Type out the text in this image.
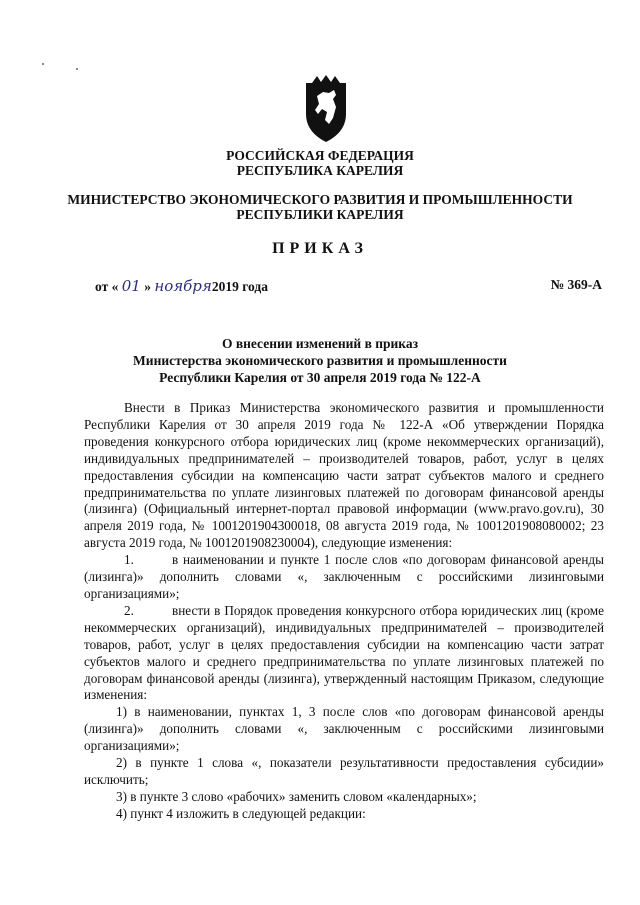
РОССИЙСКАЯ ФЕДЕРАЦИЯ
РЕСПУБЛИКА КАРЕЛИЯ
МИНИСТЕРСТВО ЭКОНОМИЧЕСКОГО РАЗВИТИЯ И ПРОМЫШЛЕННОСТИ
РЕСПУБЛИКИ КАРЕЛИЯ
ПРИКАЗ
от « 01 » ноября2019 года	№ 369-А
О внесении изменений в приказ
Министерства экономического развития и промышленности
Республики Карелия от 30 апреля 2019 года № 122-А

Внести в Приказ Министерства экономического развития и промышленности Республики Карелия от 30 апреля 2019 года № 122-А «Об утверждении Порядка проведения конкурсного отбора юридических лиц (кроме некоммерческих организаций), индивидуальных предпринимателей – производителей товаров, работ, услуг в целях предоставления субсидии на компенсацию части затрат субъектов малого и среднего предпринимательства по уплате лизинговых платежей по договорам финансовой аренды (лизинга) (Официальный интернет-портал правовой информации (www.pravo.gov.ru), 30 апреля 2019 года, № 1001201904300018, 08 августа 2019 года, № 1001201908080002; 23 августа 2019 года, № 1001201908230004), следующие изменения:

1.	в наименовании и пункте 1 после слов «по договорам финансовой аренды (лизинга)» дополнить словами «, заключенным с российскими лизинговыми организациями»;

2.	внести в Порядок проведения конкурсного отбора юридических лиц (кроме некоммерческих организаций), индивидуальных предпринимателей – производителей товаров, работ, услуг в целях предоставления субсидии на компенсацию части затрат субъектов малого и среднего предпринимательства по уплате лизинговых платежей по договорам финансовой аренды (лизинга), утвержденный настоящим Приказом, следующие изменения:

1) в наименовании, пунктах 1, 3 после слов «по договорам финансовой аренды (лизинга)» дополнить словами «, заключенным с российскими лизинговыми организациями»;

2) в пункте 1 слова «, показатели результативности предоставления субсидии» исключить;

3) в пункте 3 слово «рабочих» заменить словом «календарных»;

4) пункт 4 изложить в следующей редакции:
